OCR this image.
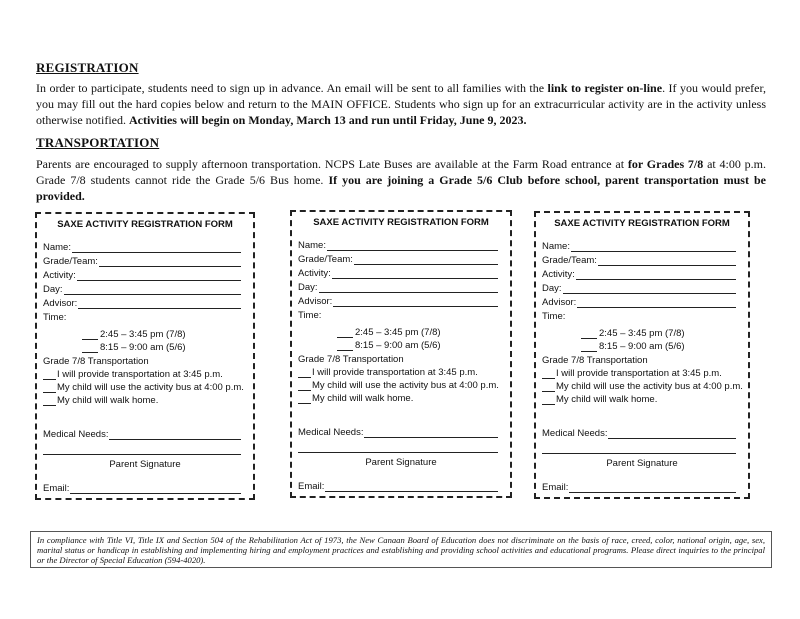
REGISTRATION
In order to participate, students need to sign up in advance. An email will be sent to all families with the link to register on-line. If you would prefer, you may fill out the hard copies below and return to the MAIN OFFICE. Students who sign up for an extracurricular activity are in the activity unless otherwise notified. Activities will begin on Monday, March 13 and run until Friday, June 9, 2023.
TRANSPORTATION
Parents are encouraged to supply afternoon transportation. NCPS Late Buses are available at the Farm Road entrance at for Grades 7/8 at 4:00 p.m. Grade 7/8 students cannot ride the Grade 5/6 Bus home. If you are joining a Grade 5/6 Club before school, parent transportation must be provided.
SAXE ACTIVITY REGISTRATION FORM
Name:
Grade/Team:
Activity:
Day:
Advisor:
Time:
2:45 – 3:45 pm (7/8)
8:15 – 9:00 am (5/6)
Grade 7/8 Transportation
I will provide transportation at 3:45 p.m.
My child will use the activity bus at 4:00 p.m.
My child will walk home.
Medical Needs:
Parent Signature
Email:
SAXE ACTIVITY REGISTRATION FORM
Name:
Grade/Team:
Activity:
Day:
Advisor:
Time:
2:45 – 3:45 pm (7/8)
8:15 – 9:00 am (5/6)
Grade 7/8 Transportation
I will provide transportation at 3:45 p.m.
My child will use the activity bus at 4:00 p.m.
My child will walk home.
Medical Needs:
Parent Signature
Email:
SAXE ACTIVITY REGISTRATION FORM
Name:
Grade/Team:
Activity:
Day:
Advisor:
Time:
2:45 – 3:45 pm (7/8)
8:15 – 9:00 am (5/6)
Grade 7/8 Transportation
I will provide transportation at 3:45 p.m.
My child will use the activity bus at 4:00 p.m.
My child will walk home.
Medical Needs:
Parent Signature
Email:
In compliance with Title VI, Title IX and Section 504 of the Rehabilitation Act of 1973, the New Canaan Board of Education does not discriminate on the basis of race, creed, color, national origin, age, sex, marital status or handicap in establishing and implementing hiring and employment practices and establishing and providing school activities and educational programs. Please direct inquiries to the principal or the Director of Special Education (594-4020).
